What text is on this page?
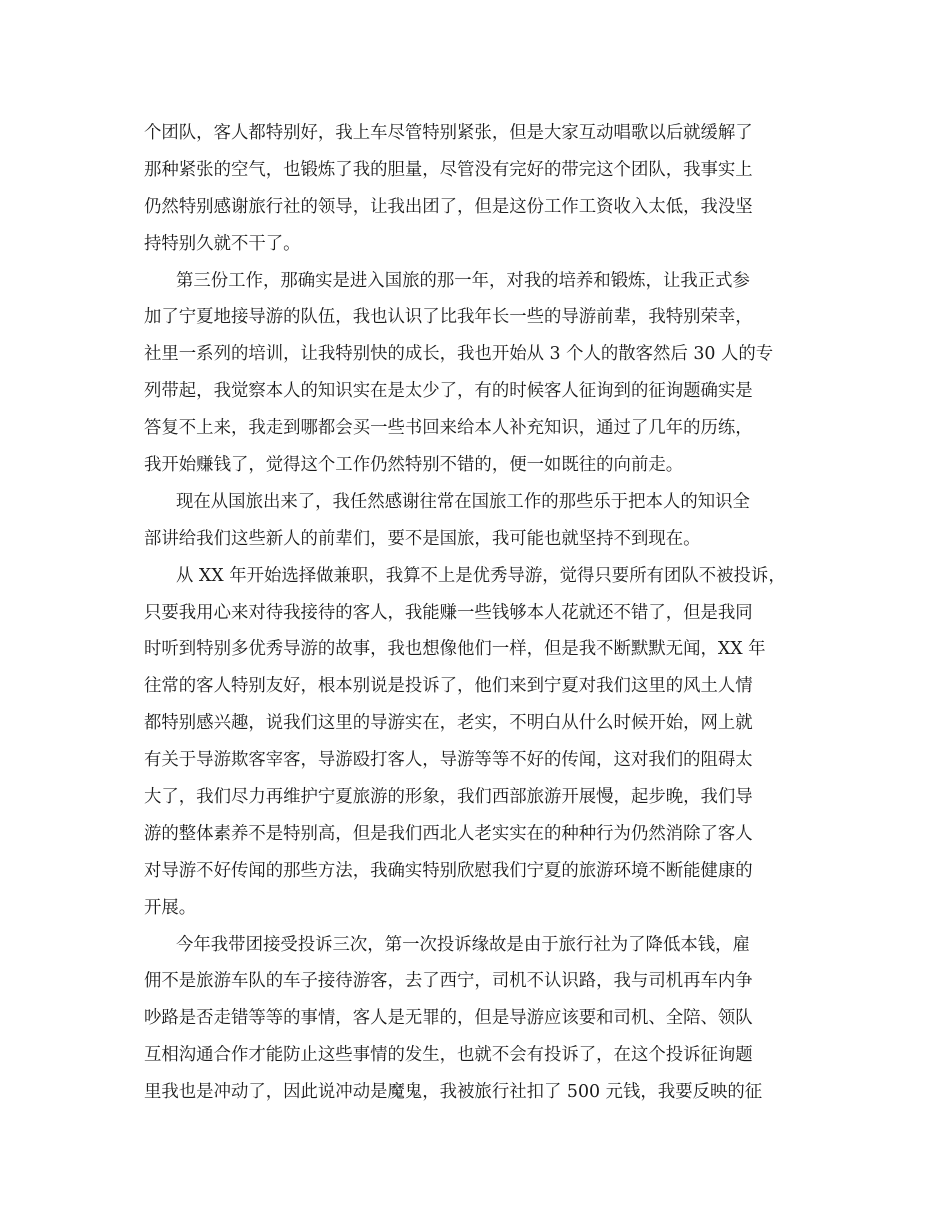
个团队，客人都特别好，我上车尽管特别紧张，但是大家互动唱歌以后就缓解了
那种紧张的空气，也锻炼了我的胆量，尽管没有完好的带完这个团队，我事实上
仍然特别感谢旅行社的领导，让我出团了，但是这份工作工资收入太低，我没坚
持特别久就不干了。
第三份工作，那确实是进入国旅的那一年，对我的培养和锻炼，让我正式参
加了宁夏地接导游的队伍，我也认识了比我年长一些的导游前辈，我特别荣幸，
社里一系列的培训，让我特别快的成长，我也开始从 3 个人的散客然后 30 人的专
列带起，我觉察本人的知识实在是太少了，有的时候客人征询到的征询题确实是
答复不上来，我走到哪都会买一些书回来给本人补充知识，通过了几年的历练，
我开始赚钱了，觉得这个工作仍然特别不错的，便一如既往的向前走。
现在从国旅出来了，我任然感谢往常在国旅工作的那些乐于把本人的知识全
部讲给我们这些新人的前辈们，要不是国旅，我可能也就坚持不到现在。
从 XX 年开始选择做兼职，我算不上是优秀导游，觉得只要所有团队不被投诉，
只要我用心来对待我接待的客人，我能赚一些钱够本人花就还不错了，但是我同
时听到特别多优秀导游的故事，我也想像他们一样，但是我不断默默无闻，XX 年
往常的客人特别友好，根本别说是投诉了，他们来到宁夏对我们这里的风土人情
都特别感兴趣，说我们这里的导游实在，老实，不明白从什么时候开始，网上就
有关于导游欺客宰客，导游殴打客人，导游等等不好的传闻，这对我们的阻碍太
大了，我们尽力再维护宁夏旅游的形象，我们西部旅游开展慢，起步晚，我们导
游的整体素养不是特别高，但是我们西北人老实实在的种种行为仍然消除了客人
对导游不好传闻的那些方法，我确实特别欣慰我们宁夏的旅游环境不断能健康的
开展。
今年我带团接受投诉三次，第一次投诉缘故是由于旅行社为了降低本钱，雇
佣不是旅游车队的车子接待游客，去了西宁，司机不认识路，我与司机再车内争
吵路是否走错等等的事情，客人是无罪的，但是导游应该要和司机、全陪、领队
互相沟通合作才能防止这些事情的发生，也就不会有投诉了，在这个投诉征询题
里我也是冲动了，因此说冲动是魔鬼，我被旅行社扣了 500 元钱，我要反映的征
